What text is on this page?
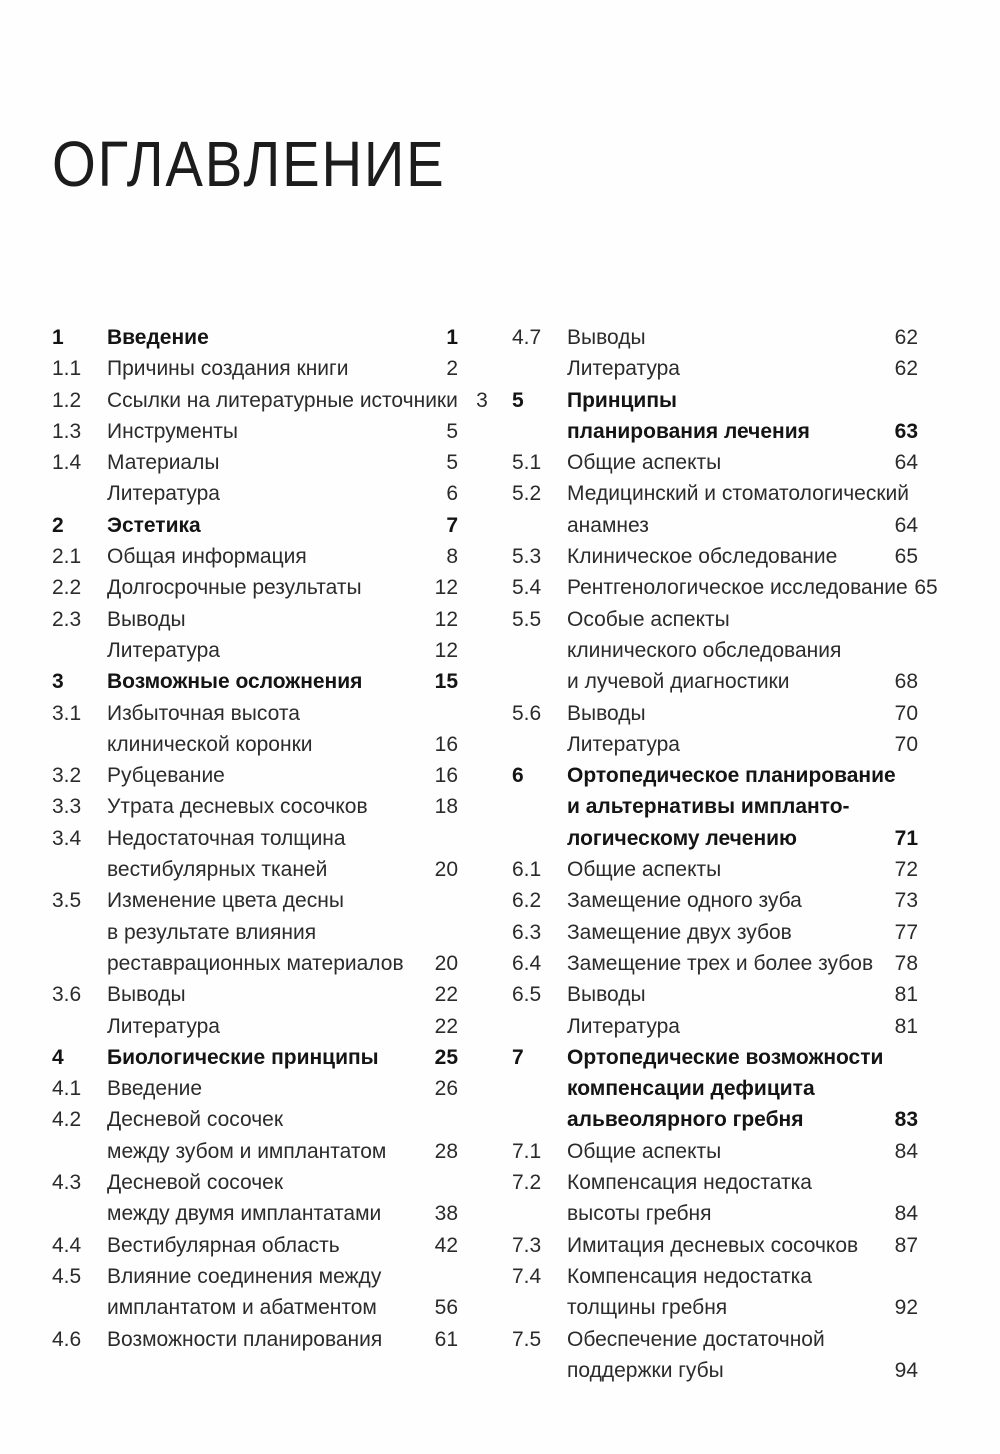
ОГЛАВЛЕНИЕ
1	Введение	1
1.1	Причины создания книги	2
1.2	Ссылки на литературные источники 3
1.3	Инструменты	5
1.4	Материалы	5
Литература	6
2	Эстетика	7
2.1	Общая информация	8
2.2	Долгосрочные результаты	12
2.3	Выводы	12
Литература	12
3	Возможные осложнения	15
3.1	Избыточная высота
клинической коронки	16
3.2	Рубцевание	16
3.3	Утрата десневых сосочков	18
3.4	Недостаточная толщина
вестибулярных тканей	20
3.5	Изменение цвета десны
в результате влияния
реставрационных материалов	20
3.6	Выводы	22
Литература	22
4	Биологические принципы	25
4.1	Введение	26
4.2	Десневой сосочек
между зубом и имплантатом	28
4.3	Десневой сосочек
между двумя имплантатами	38
4.4	Вестибулярная область	42
4.5	Влияние соединения между
имплантатом и абатментом	56
4.6	Возможности планирования	61
4.7	Выводы	62
Литература	62
5	Принципы
планирования лечения	63
5.1	Общие аспекты	64
5.2	Медицинский и стоматологический
анамнез	64
5.3	Клиническое обследование	65
5.4	Рентгенологическое исследование 65
5.5	Особые аспекты
клинического обследования
и лучевой диагностики	68
5.6	Выводы	70
Литература	70
6	Ортопедическое планирование
и альтернативы импланто-
логическому лечению	71
6.1	Общие аспекты	72
6.2	Замещение одного зуба	73
6.3	Замещение двух зубов	77
6.4	Замещение трех и более зубов	78
6.5	Выводы	81
Литература	81
7	Ортопедические возможности
компенсации дефицита
альвеолярного гребня	83
7.1	Общие аспекты	84
7.2	Компенсация недостатка
высоты гребня	84
7.3	Имитация десневых сосочков	87
7.4	Компенсация недостатка
толщины гребня	92
7.5	Обеспечение достаточной
поддержки губы	94
